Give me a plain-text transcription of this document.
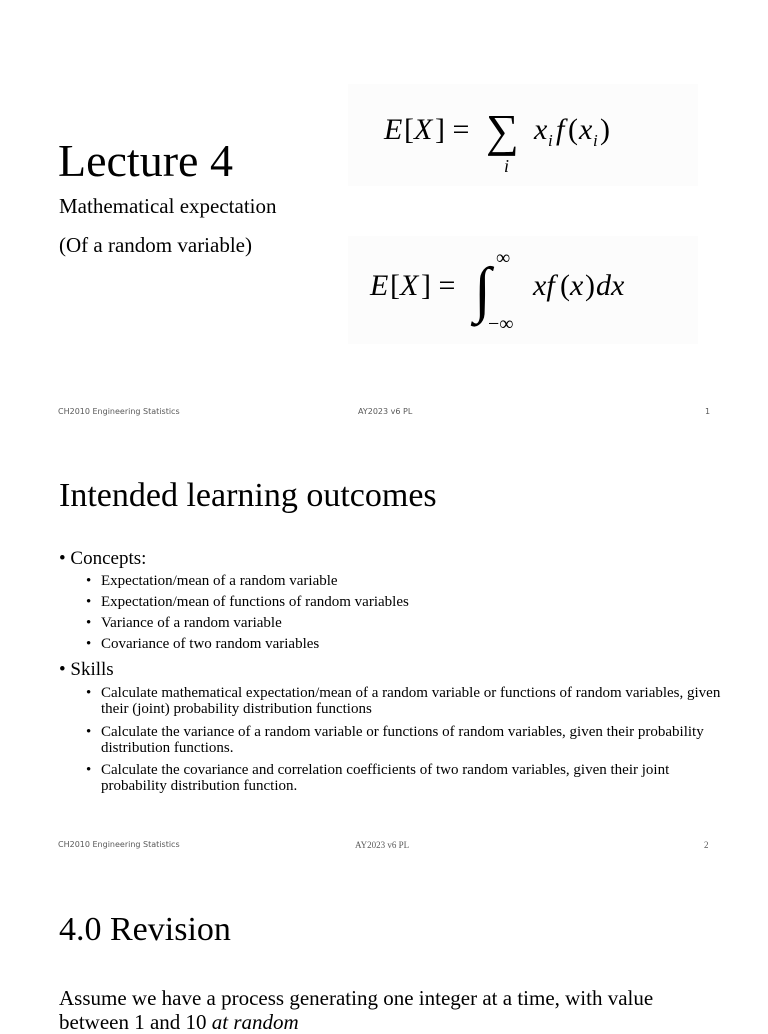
E [ X ] = ∑
i
x i f ( x i )
Lecture 4
Mathematical expectation
(Of a random variable)
E [ X ] = ∫ ∞
−∞
xf ( x ) dx
CH2010 Engineering Statistics	AY2023 v6 PL	1
Intended learning outcomes
• Concepts:
• Expectation/mean of a random variable
• Expectation/mean of functions of random variables
• Variance of a random variable
• Covariance of two random variables
• Skills
• Calculate mathematical expectation/mean of a random variable or functions of random variables, given their (joint) probability distribution functions
• Calculate the variance of a random variable or functions of random variables, given their probability distribution functions.
• Calculate the covariance and correlation coefficients of two random variables, given their joint probability distribution function.
CH2010 Engineering Statistics	AY2023 v6 PL	2
4.0 Revision
Assume we have a process generating one integer at a time, with value between 1 and 10 at random
